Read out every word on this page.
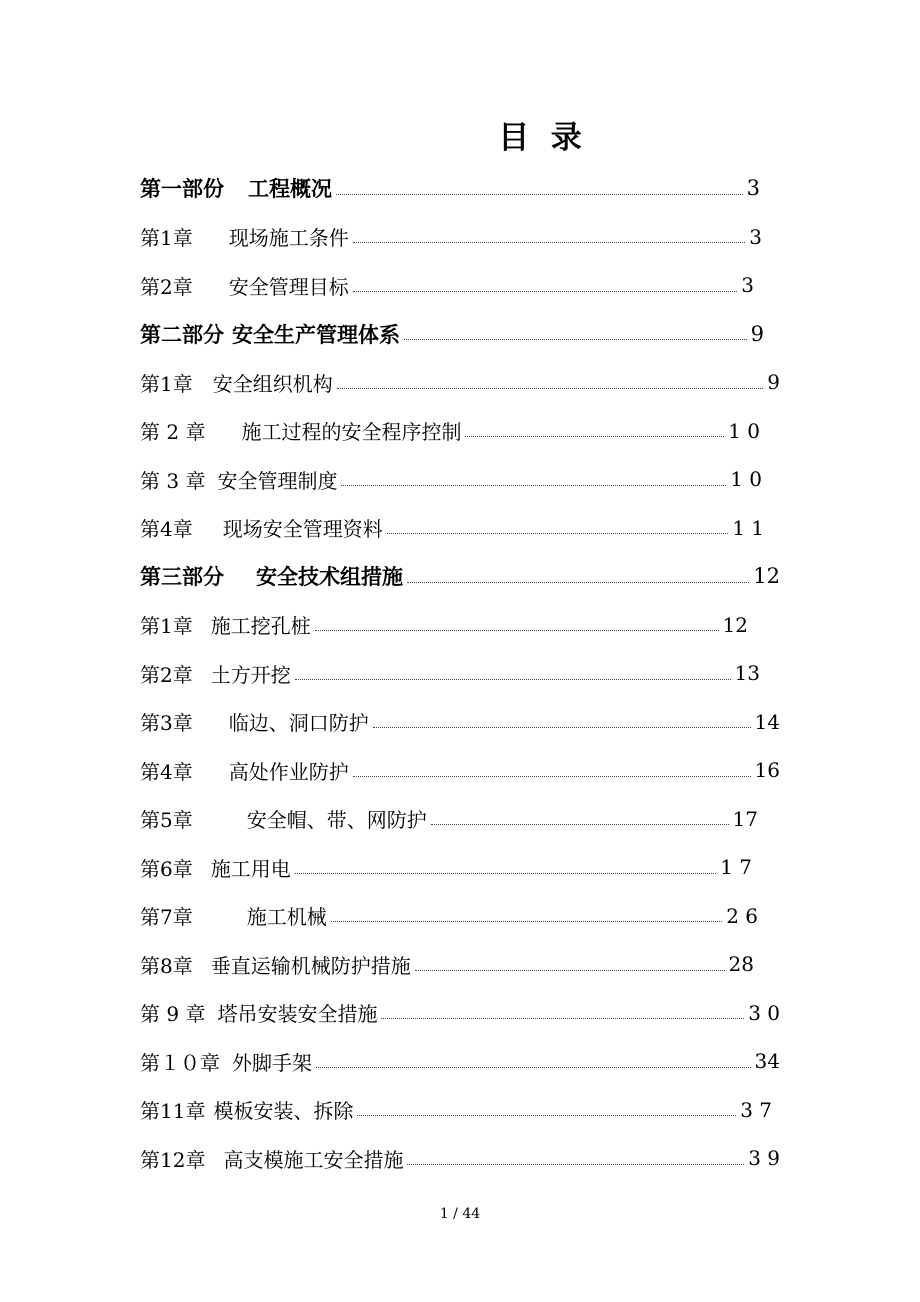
目  录
第一部份 工程概况	3
第1章 现场施工条件	3
第2章 安全管理目标	3
第二部分 安全生产管理体系	9
第1章 安全组织机构	9
第 2 章 施工过程的安全程序控制	1 0
第 3 章 安全管理制度	1 0
第4章 现场安全管理资料	1 1
第三部分 安全技术组措施	12
第1章 施工挖孔桩	12
第2章 土方开挖	13
第3章 临边、洞口防护	14
第4章 高处作业防护	16
第5章	安全帽、带、网防护	17
第6章 施工用电	1 7
第7章	施工机械	2 6
第8章 垂直运输机械防护措施	28
第 9 章 塔吊安装安全措施	3 0
第１０章 外脚手架	34
第11章 模板安装、拆除	3 7
第12章 高支模施工安全措施	3 9
1 / 44
